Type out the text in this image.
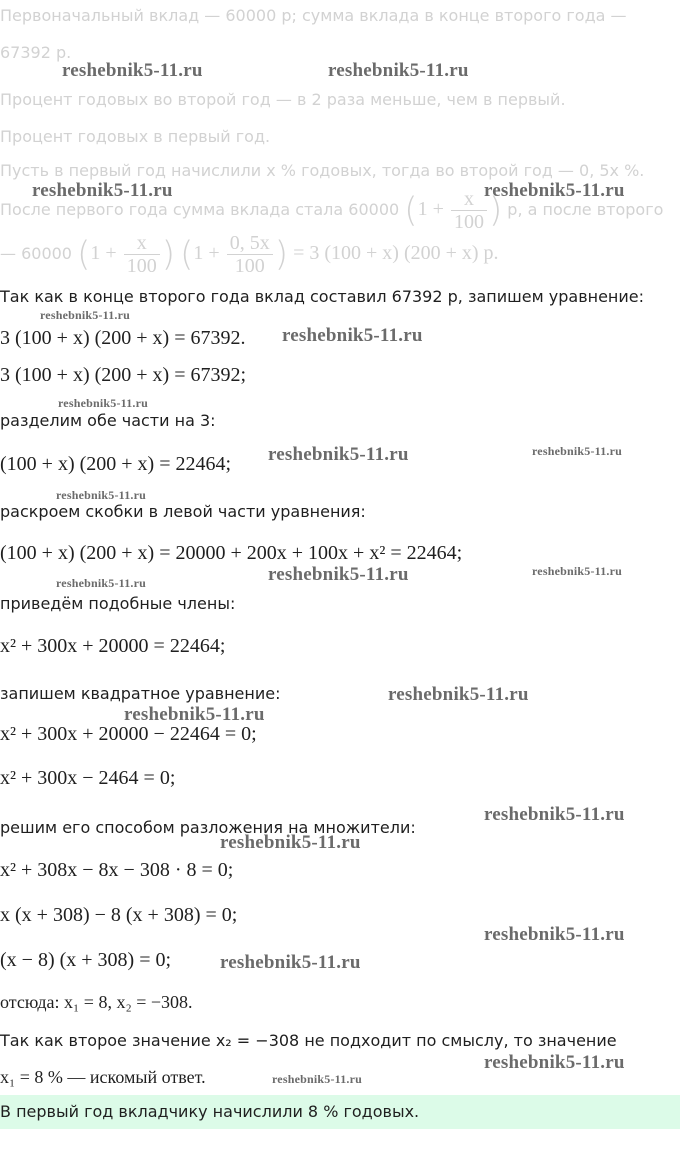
Первоначальный вклад — 60000 р; сумма вклада в конце второго года —
67392 р.
Процент годовых во второй год — в 2 раза меньше, чем в первый.
Процент годовых в первый год.
Пусть в первый год начислили x % годовых, тогда во второй год — 0, 5x %.
После первого года сумма вклада стала 60000 ($1 + \frac{x}{100}$ ) р, а после второго
— 60000 ($1 + \frac{x}{100}$ ) ($1 + \frac{0, 5x}{100}$ ) = 3 (100 + x) (200 + x) р.
Так как в конце второго года вклад составил 67392 р, запишем уравнение:
3 (100 + x) (200 + x) = 67392.
3 (100 + x) (200 + x) = 67392;
разделим обе части на 3:
(100 + x) (200 + x) = 22464;
раскроем скобки в левой части уравнения:
(100 + x) (200 + x) = 20000 + 200x + 100x + x² = 22464;
приведём подобные члены:
x² + 300x + 20000 = 22464;
запишем квадратное уравнение:
x² + 300x + 20000 − 22464 = 0;
x² + 300x − 2464 = 0;
решим его способом разложения на множители:
x² + 308x − 8x − 308 · 8 = 0;
x (x + 308) − 8 (x + 308) = 0;
(x − 8) (x + 308) = 0;
отсюда: x₁ = 8, x₂ = −308.
Так как второе значение x₂ = −308 не подходит по смыслу, то значение
x₁ = 8 % — искомый ответ.
В первый год вкладчику начислили 8 % годовых.
reshebnik5-11.ru	reshebnik5-11.ru
reshebnik5-11.ru	reshebnik5-11.ru
reshebnik5-11.ru
reshebnik5-11.ru
reshebnik5-11.ru
reshebnik5-11.ru	reshebnik5-11.ru
reshebnik5-11.ru
reshebnik5-11.ru	reshebnik5-11.ru
reshebnik5-11.ru
reshebnik5-11.ru
reshebnik5-11.ru
reshebnik5-11.ru
reshebnik5-11.ru
reshebnik5-11.ru
reshebnik5-11.ru
reshebnik5-11.ru
reshebnik5-11.ru
